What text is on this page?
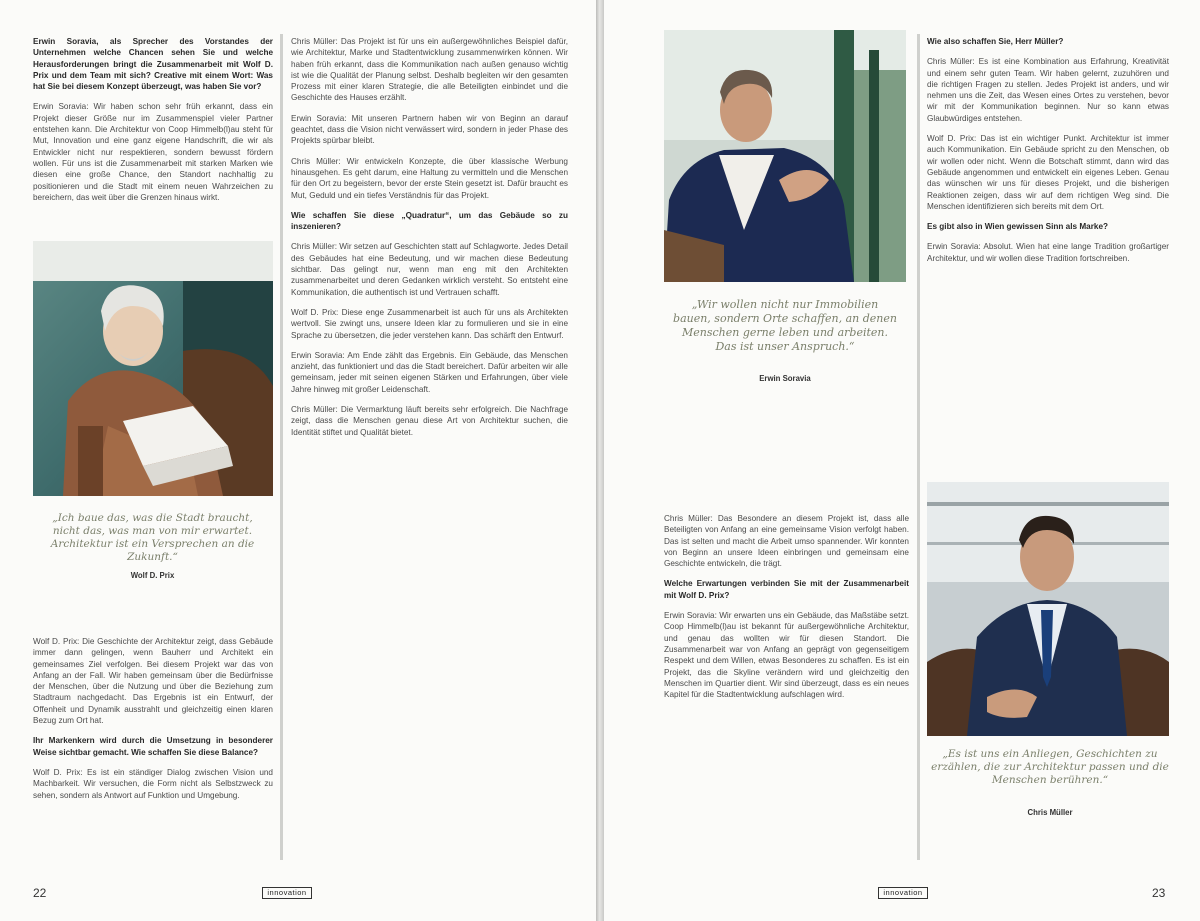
Erwin Soravia, als Sprecher des Vorstandes der Unternehmen welche Chancen sehen Sie und welche Herausforderungen bringt die Zusammenarbeit mit Wolf D. Prix und dem Team mit sich? Creative mit einem Wort: Was hat Sie bei diesem Konzept überzeugt, was haben Sie vor?

Erwin Soravia: Wir haben schon sehr früh erkannt, dass ein Projekt dieser Größe nur im Zusammenspiel vieler Partner entstehen kann. Die Architektur von Coop Himmelb(l)au steht für Mut, Innovation und eine ganz eigene Handschrift, die wir als Entwickler nicht nur respektieren, sondern bewusst fördern wollen. Für uns ist die Zusammenarbeit mit starken Marken wie diesen eine große Chance, den Standort nachhaltig zu positionieren und die Stadt mit einem neuen Wahrzeichen zu bereichern, das weit über die Grenzen hinaus wirkt.

„Ich baue das, was die Stadt braucht, nicht das, was man von mir erwartet. Architektur ist ein Versprechen an die Zukunft.“
Wolf D. Prix

Wolf D. Prix: Die Geschichte der Architektur zeigt, dass Gebäude immer dann gelingen, wenn Bauherr und Architekt ein gemeinsames Ziel verfolgen. Bei diesem Projekt war das von Anfang an der Fall. Wir haben gemeinsam über die Bedürfnisse der Menschen, über die Nutzung und über die Beziehung zum Stadtraum nachgedacht. Das Ergebnis ist ein Entwurf, der Offenheit und Dynamik ausstrahlt und gleichzeitig einen klaren Bezug zum Ort hat.

Ihr Markenkern wird durch die Umsetzung in besonderer Weise sichtbar gemacht. Wie schaffen Sie diese Balance?

Wolf D. Prix: Es ist ein ständiger Dialog zwischen Vision und Machbarkeit. Wir versuchen, die Form nicht als Selbstzweck zu sehen, sondern als Antwort auf Funktion und Umgebung.

Chris Müller: Das Projekt ist für uns ein außergewöhnliches Beispiel dafür, wie Architektur, Marke und Stadtentwicklung zusammenwirken können. Wir haben früh erkannt, dass die Kommunikation nach außen genauso wichtig ist wie die Qualität der Planung selbst. Deshalb begleiten wir den gesamten Prozess mit einer klaren Strategie, die alle Beteiligten einbindet und die Geschichte des Hauses erzählt.

Erwin Soravia: Mit unseren Partnern haben wir von Beginn an darauf geachtet, dass die Vision nicht verwässert wird, sondern in jeder Phase des Projekts spürbar bleibt.

Chris Müller: Wir entwickeln Konzepte, die über klassische Werbung hinausgehen. Es geht darum, eine Haltung zu vermitteln und die Menschen für den Ort zu begeistern, bevor der erste Stein gesetzt ist. Dafür braucht es Mut, Geduld und ein tiefes Verständnis für das Projekt.

Wie schaffen Sie diese „Quadratur“, um das Gebäude so zu inszenieren?

Chris Müller: Wir setzen auf Geschichten statt auf Schlagworte. Jedes Detail des Gebäudes hat eine Bedeutung, und wir machen diese Bedeutung sichtbar. Das gelingt nur, wenn man eng mit den Architekten zusammenarbeitet und deren Gedanken wirklich versteht. So entsteht eine Kommunikation, die authentisch ist und Vertrauen schafft.

Wolf D. Prix: Diese enge Zusammenarbeit ist auch für uns als Architekten wertvoll. Sie zwingt uns, unsere Ideen klar zu formulieren und sie in eine Sprache zu übersetzen, die jeder verstehen kann. Das schärft den Entwurf.

Erwin Soravia: Am Ende zählt das Ergebnis. Ein Gebäude, das Menschen anzieht, das funktioniert und das die Stadt bereichert. Dafür arbeiten wir alle gemeinsam, jeder mit seinen eigenen Stärken und Erfahrungen, über viele Jahre hinweg mit großer Leidenschaft.

Chris Müller: Die Vermarktung läuft bereits sehr erfolgreich. Die Nachfrage zeigt, dass die Menschen genau diese Art von Architektur suchen, die Identität stiftet und Qualität bietet.

22	innovation
„Wir wollen nicht nur Immobilien bauen, sondern Orte schaffen, an denen Menschen gerne leben und arbeiten. Das ist unser Anspruch.“
Erwin Soravia

Chris Müller: Das Besondere an diesem Projekt ist, dass alle Beteiligten von Anfang an eine gemeinsame Vision verfolgt haben. Das ist selten und macht die Arbeit umso spannender. Wir konnten von Beginn an unsere Ideen einbringen und gemeinsam eine Geschichte entwickeln, die trägt.

Welche Erwartungen verbinden Sie mit der Zusammenarbeit mit Wolf D. Prix?

Erwin Soravia: Wir erwarten uns ein Gebäude, das Maßstäbe setzt. Coop Himmelb(l)au ist bekannt für außergewöhnliche Architektur, und genau das wollten wir für diesen Standort. Die Zusammenarbeit war von Anfang an geprägt von gegenseitigem Respekt und dem Willen, etwas Besonderes zu schaffen. Es ist ein Projekt, das die Skyline verändern wird und gleichzeitig den Menschen im Quartier dient. Wir sind überzeugt, dass es ein neues Kapitel für die Stadtentwicklung aufschlagen wird.

Wie also schaffen Sie, Herr Müller?

Chris Müller: Es ist eine Kombination aus Erfahrung, Kreativität und einem sehr guten Team. Wir haben gelernt, zuzuhören und die richtigen Fragen zu stellen. Jedes Projekt ist anders, und wir nehmen uns die Zeit, das Wesen eines Ortes zu verstehen, bevor wir mit der Kommunikation beginnen. Nur so kann etwas Glaubwürdiges entstehen.

Wolf D. Prix: Das ist ein wichtiger Punkt. Architektur ist immer auch Kommunikation. Ein Gebäude spricht zu den Menschen, ob wir wollen oder nicht. Wenn die Botschaft stimmt, dann wird das Gebäude angenommen und entwickelt ein eigenes Leben. Genau das wünschen wir uns für dieses Projekt, und die bisherigen Reaktionen zeigen, dass wir auf dem richtigen Weg sind. Die Menschen identifizieren sich bereits mit dem Ort.

Es gibt also in Wien gewissen Sinn als Marke?

Erwin Soravia: Absolut. Wien hat eine lange Tradition großartiger Architektur, und wir wollen diese Tradition fortschreiben.

„Es ist uns ein Anliegen, Geschichten zu erzählen, die zur Architektur passen und die Menschen berühren.“
Chris Müller
innovation	23
